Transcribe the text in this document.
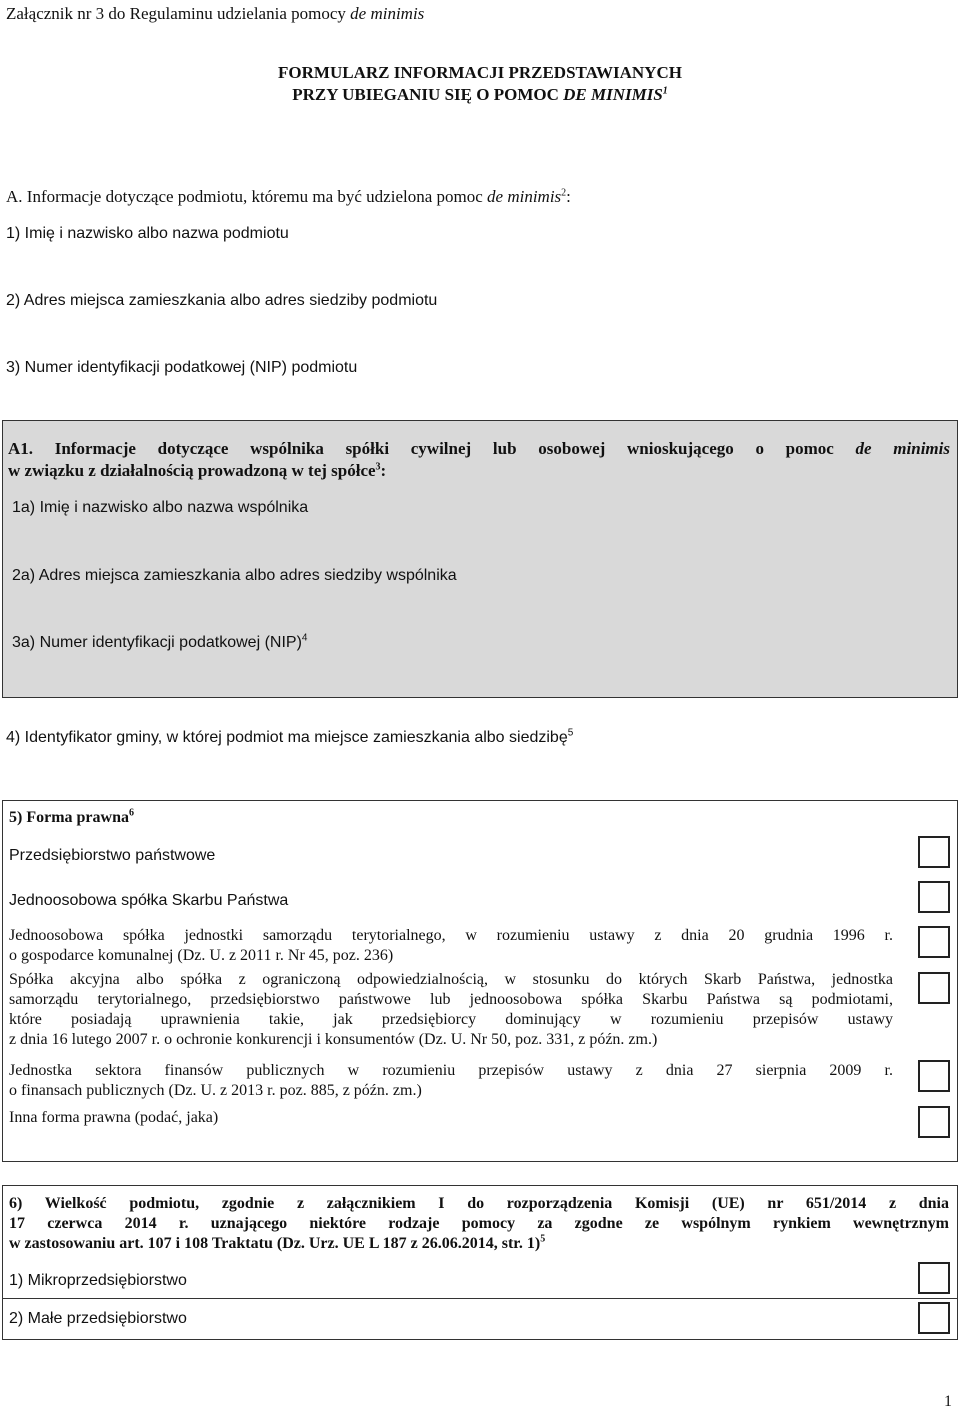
Załącznik nr 3 do Regulaminu udzielania pomocy de minimis
FORMULARZ INFORMACJI PRZEDSTAWIANYCH
PRZY UBIEGANIU SIĘ O POMOC DE MINIMIS$^1$
A. Informacje dotyczące podmiotu, któremu ma być udzielona pomoc de minimis$^2$:
1) Imię i nazwisko albo nazwa podmiotu
2) Adres miejsca zamieszkania albo adres siedziby podmiotu
3) Numer identyfikacji podatkowej (NIP) podmiotu
A1. Informacje dotyczące wspólnika spółki cywilnej lub osobowej wnioskującego o pomoc de minimis
w związku z działalnością prowadzoną w tej spółce$^3$:
1a) Imię i nazwisko albo nazwa wspólnika
2a) Adres miejsca zamieszkania albo adres siedziby wspólnika
3a) Numer identyfikacji podatkowej (NIP)$^4$
4) Identyfikator gminy, w której podmiot ma miejsce zamieszkania albo siedzibę$^5$
5) Forma prawna$^6$
Przedsiębiorstwo państwowe
Jednoosobowa spółka Skarbu Państwa
Jednoosobowa spółka jednostki samorządu terytorialnego, w rozumieniu ustawy z dnia 20 grudnia 1996 r.
o gospodarce komunalnej (Dz. U. z 2011 r. Nr 45, poz. 236)
Spółka akcyjna albo spółka z ograniczoną odpowiedzialnością, w stosunku do których Skarb Państwa, jednostka
samorządu terytorialnego, przedsiębiorstwo państwowe lub jednoosobowa spółka Skarbu Państwa są podmiotami,
które posiadają uprawnienia takie, jak przedsiębiorcy dominujący w rozumieniu przepisów ustawy
z dnia 16 lutego 2007 r. o ochronie konkurencji i konsumentów (Dz. U. Nr 50, poz. 331, z późn. zm.)
Jednostka sektora finansów publicznych w rozumieniu przepisów ustawy z dnia 27 sierpnia 2009 r.
o finansach publicznych (Dz. U. z 2013 r. poz. 885, z późn. zm.)
Inna forma prawna (podać, jaka)
6) Wielkość podmiotu, zgodnie z załącznikiem I do rozporządzenia Komisji (UE) nr 651/2014 z dnia
17 czerwca 2014 r. uznającego niektóre rodzaje pomocy za zgodne ze wspólnym rynkiem wewnętrznym
w zastosowaniu art. 107 i 108 Traktatu (Dz. Urz. UE L 187 z 26.06.2014, str. 1)$^5$
1) Mikroprzedsiębiorstwo
2) Małe przedsiębiorstwo
1
